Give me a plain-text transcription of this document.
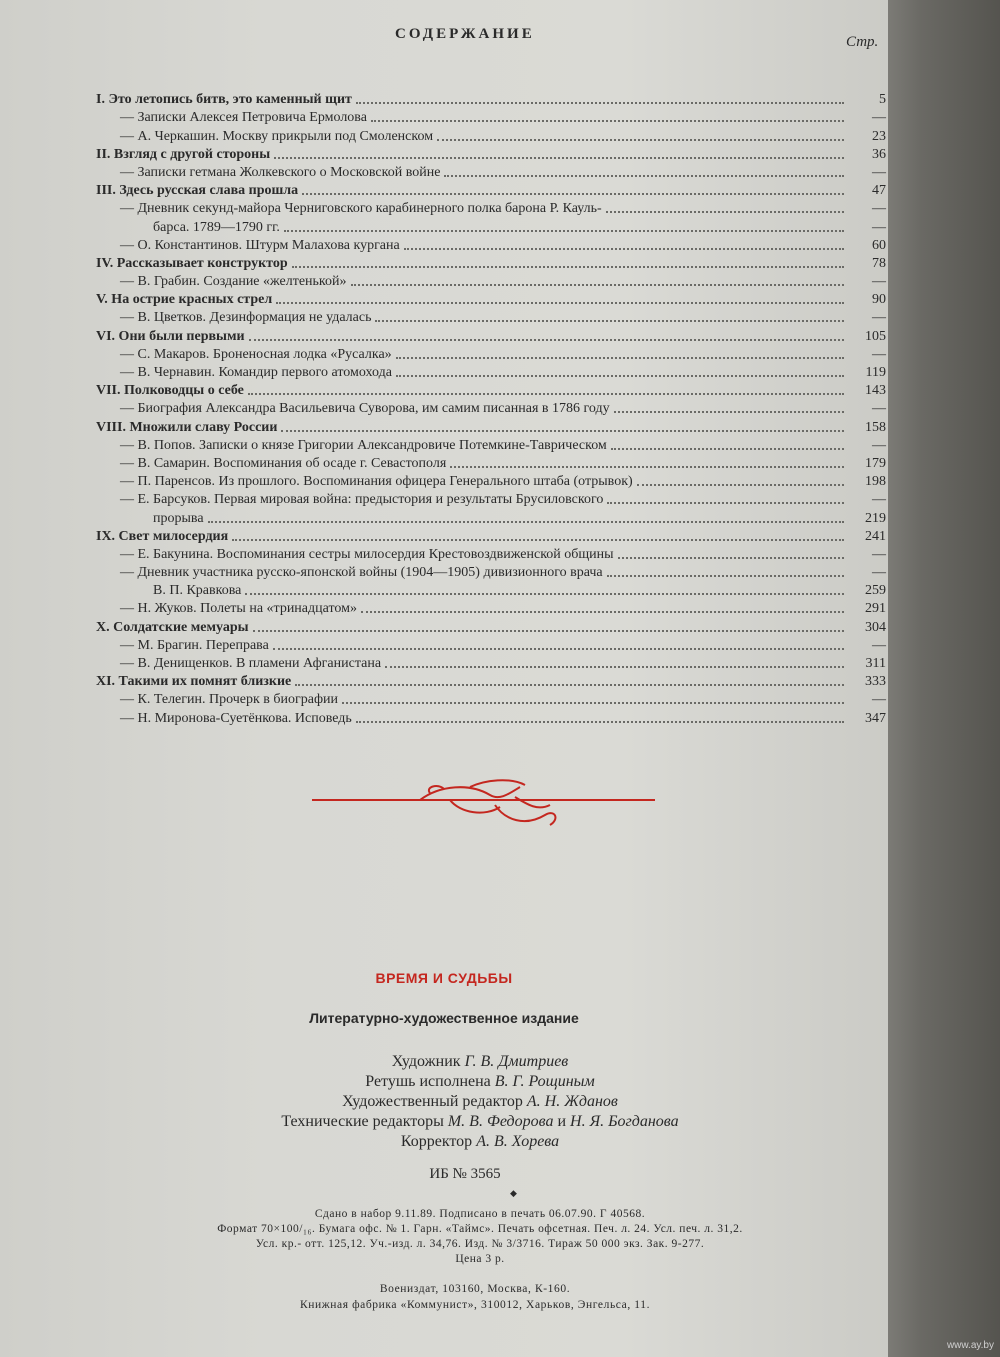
СОДЕРЖАНИЕ	Стр.
I. Это летопись битв, это каменный щит	5
— Записки Алексея Петровича Ермолова	—
— А. Черкашин. Москву прикрыли под Смоленском	23
II. Взгляд с другой стороны	36
— Записки гетмана Жолкевского о Московской войне	—
III. Здесь русская слава прошла	47
— Дневник секунд-майора Черниговского карабинерного полка барона Р. Кауль-	—
барса. 1789—1790 гг.	—
— О. Константинов. Штурм Малахова кургана	60
IV. Рассказывает конструктор	78
— В. Грабин. Создание «желтенькой»	—
V. На острие красных стрел	90
— В. Цветков. Дезинформация не удалась	—
VI. Они были первыми	105
— С. Макаров. Броненосная лодка «Русалка»	—
— В. Чернавин. Командир первого атомохода	119
VII. Полководцы о себе	143
— Биография Александра Васильевича Суворова, им самим писанная в 1786 году	—
VIII. Множили славу России	158
— В. Попов. Записки о князе Григории Александровиче Потемкине-Таврическом	—
— В. Самарин. Воспоминания об осаде г. Севастополя	179
— П. Паренсов. Из прошлого. Воспоминания офицера Генерального штаба (отрывок)	198
— Е. Барсуков. Первая мировая война: предыстория и результаты Брусиловского	—
прорыва	219
IX. Свет милосердия	241
— Е. Бакунина. Воспоминания сестры милосердия Крестовоздвиженской общины	—
— Дневник участника русско-японской войны (1904—1905) дивизионного врача	—
В. П. Кравкова	259
— Н. Жуков. Полеты на «тринадцатом»	291
X. Солдатские мемуары	304
— М. Брагин. Переправа	—
— В. Денищенков. В пламени Афганистана	311
XI. Такими их помнят близкие	333
— К. Телегин. Прочерк в биографии	—
— Н. Миронова-Суетёнкова. Исповедь	347
ВРЕМЯ И СУДЬБЫ
Литературно-художественное издание
Художник Г. В. Дмитриев
Ретушь исполнена В. Г. Рощиным
Художественный редактор А. Н. Жданов
Технические редакторы М. В. Федорова и Н. Я. Богданова
Корректор А. В. Хорева
ИБ № 3565
◆
Сдано в набор 9.11.89. Подписано в печать 06.07.90. Г 40568.
Формат 70×100/₁₆. Бумага офс. № 1. Гарн. «Таймс». Печать офсетная. Печ. л. 24. Усл. печ. л. 31,2.
Усл. кр.- отт. 125,12. Уч.-изд. л. 34,76. Изд. № 3/3716. Тираж 50 000 экз. Зак. 9-277.
Цена 3 р.
Воениздат, 103160, Москва, К-160.
Книжная фабрика «Коммунист», 310012, Харьков, Энгельса, 11.
www.ay.by
